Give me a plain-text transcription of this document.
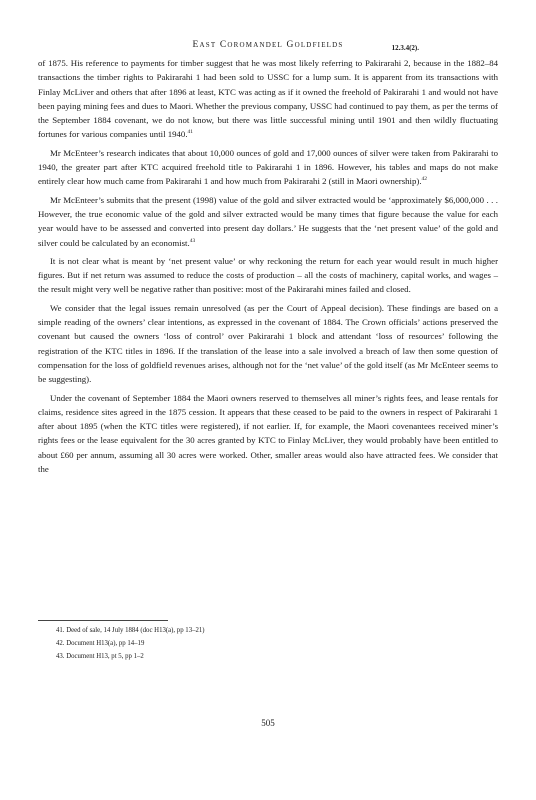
East Coromandel Goldfields	12.3.4(2).

of 1875. His reference to payments for timber suggest that he was most likely referring to Pakirarahi 2, because in the 1882–84 transactions the timber rights to Pakirarahi 1 had been sold to USSC for a lump sum. It is apparent from its transactions with Finlay McLiver and others that after 1896 at least, KTC was acting as if it owned the freehold of Pakirarahi 1 and would not have been paying mining fees and dues to Maori. Whether the previous company, USSC had continued to pay them, as per the terms of the September 1884 covenant, we do not know, but there was little successful mining until 1901 and then wildly fluctuating fortunes for various companies until 1940.41

Mr McEnteer’s research indicates that about 10,000 ounces of gold and 17,000 ounces of silver were taken from Pakirarahi to 1940, the greater part after KTC acquired freehold title to Pakirarahi 1 in 1896. However, his tables and maps do not make entirely clear how much came from Pakirarahi 1 and how much from Pakirarahi 2 (still in Maori ownership).$^{42}$

Mr McEnteer’s submits that the present (1998) value of the gold and silver extracted would be ‘approximately $6,000,000 . . . However, the true economic value of the gold and silver extracted would be many times that figure because the value for each year would have to be assessed and converted into present day dollars.’ He suggests that the ‘net present value’ of the gold and silver could be calculated by an economist.$^{43}$

It is not clear what is meant by ‘net present value’ or why reckoning the return for each year would result in much higher figures. But if net return was assumed to reduce the costs of production – all the costs of machinery, capital works, and wages – the result might very well be negative rather than positive: most of the Pakirarahi mines failed and closed.

We consider that the legal issues remain unresolved (as per the Court of Appeal decision). These findings are based on a simple reading of the owners’ clear intentions, as expressed in the covenant of 1884. The Crown officials’ actions preserved the covenant but caused the owners ‘loss of control’ over Pakirarahi 1 block and attendant ‘loss of resources’ following the registration of the KTC titles in 1896. If the translation of the lease into a sale involved a breach of law then some question of compensation for the loss of goldfield revenues arises, although not for the ‘net value’ of the gold itself (as Mr McEnteer seems to be suggesting).

Under the covenant of September 1884 the Maori owners reserved to themselves all miner’s rights fees, and lease rentals for claims, residence sites agreed in the 1875 cession. It appears that these ceased to be paid to the owners in respect of Pakirarahi 1 after about 1895 (when the KTC titles were registered), if not earlier. If, for example, the Maori covenantees received miner’s rights fees or the lease equivalent for the 30 acres granted by KTC to Finlay McLiver, they would probably have been entitled to about £60 per annum, assuming all 30 acres were worked. Other, smaller areas would also have attracted fees. We consider that the

41. Deed of sale, 14 July 1884 (doc H13(a), pp 13–21)
42. Document H13(a), pp 14–19
43. Document H13, pt 5, pp 1–2
505
